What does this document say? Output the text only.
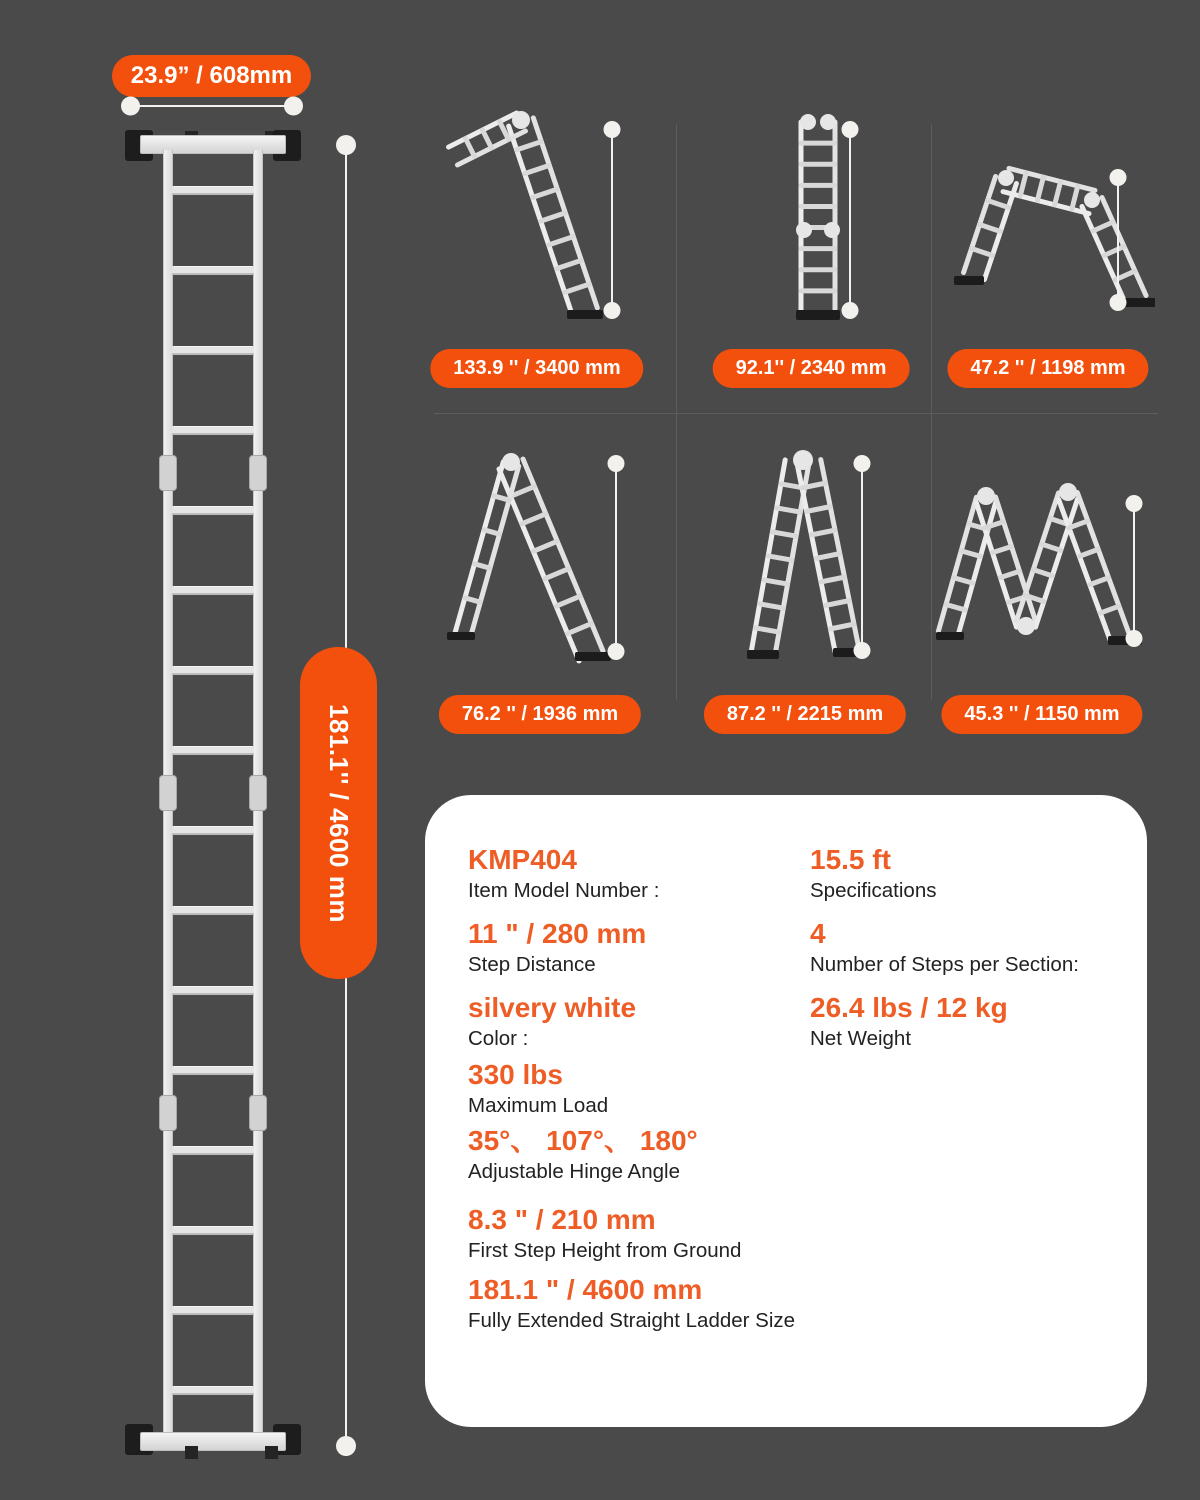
23.9” / 608mm
181.1'' / 4600 mm
133.9 '' / 3400 mm	92.1'' / 2340 mm	47.2 '' / 1198 mm
76.2 '' / 1936 mm	87.2 '' / 2215 mm	45.3 '' / 1150 mm
KMP404
Item Model Number :
15.5 ft
Specifications
11 " / 280 mm
Step Distance
4
Number of Steps per Section:
silvery white
Color :
26.4 lbs / 12 kg
Net Weight
330 lbs
Maximum Load
35°、 107°、 180°
Adjustable Hinge Angle
8.3 " / 210 mm
First Step Height from Ground
181.1 " / 4600 mm
Fully Extended Straight Ladder Size
